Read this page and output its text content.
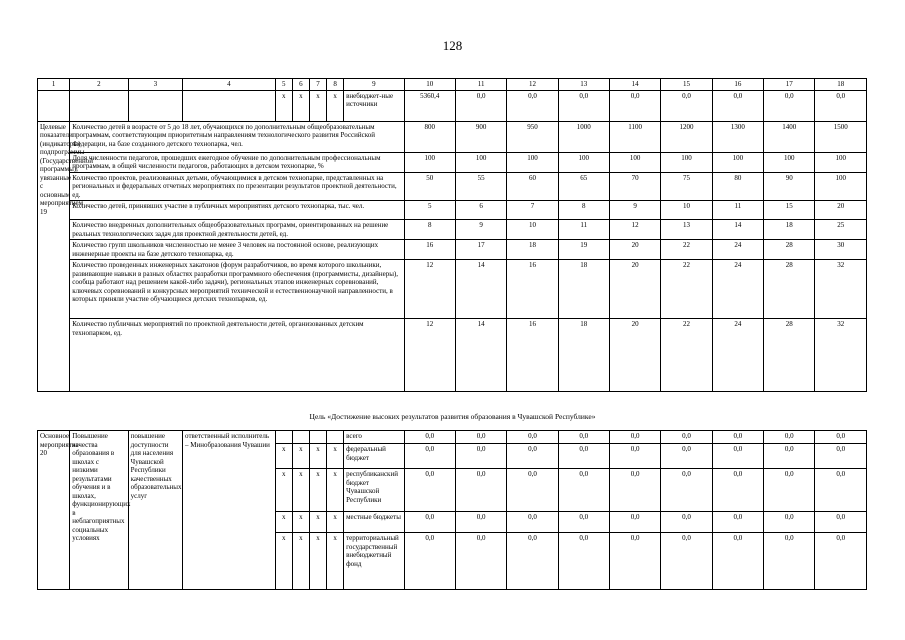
128
1	2	3	4	5	6	7	8	9	10	11	12	13	14	15	16	17	18
				x	x	x	x	внебюджет-ные источники	5360,4	0,0	0,0	0,0	0,0	0,0	0,0	0,0	0,0
Целевые показатели (индикаторы) подпрограммы (Государственной программы), увязанные с основным мероприятием 19	Количество детей в возрасте от 5 до 18 лет, обучающихся по дополнительным общеобразовательным программам, соответствующим приоритетным направлениям технологического развития Российской Федерации, на базе созданного детского технопарка, чел.								800	900	950	1000	1100	1200	1300	1400	1500
	Доля численности педагогов, прошедших ежегодное обучение по дополнительным профессиональным программам, в общей численности педагогов, работающих в детском технопарке, %								100	100	100	100	100	100	100	100	100
	Количество проектов, реализованных детьми, обучающимися в детском технопарке, представленных на региональных и федеральных отчетных мероприятиях по презентации результатов проектной деятельности, ед.								50	55	60	65	70	75	80	90	100
	Количество детей, принявших участие в публичных мероприятиях детского технопарка, тыс. чел.								5	6	7	8	9	10	11	15	20
	Количество внедренных дополнительных общеобразовательных программ, ориентированных на решение реальных технологических задач для проектной деятельности детей, ед.								8	9	10	11	12	13	14	18	25
	Количество групп школьников численностью не менее 3 человек на постоянной основе, реализующих инженерные проекты на базе детского технопарка, ед.								16	17	18	19	20	22	24	28	30
	Количество проведенных инженерных хакатонов (форум разработчиков, во время которого школьники, развивающие навыки в разных областях разработки программного обеспечения (программисты, дизайнеры), сообща работают над решением какой-либо задачи), региональных этапов инженерных соревнований, ключевых соревнований и конкурсных мероприятий технической и естественнонаучной направленности, в которых приняли участие обучающиеся детских технопарков, ед.								12	14	16	18	20	22	24	28	32
	Количество публичных мероприятий по проектной деятельности детей, организованных детским технопарком, ед.								12	14	16	18	20	22	24	28	32
Цель «Достижение высоких результатов развития образования в Чувашской Республике»
Основное мероприятие 20	Повышение качества образования в школах с низкими результатами обучения и в школах, функционирующих в неблагоприятных социальных условиях	повышение доступности для населения Чувашской Республики качественных образовательных услуг	ответственный исполнитель – Минобразования Чувашии					всего	0,0	0,0	0,0	0,0	0,0	0,0	0,0	0,0	0,0
				x	x	x	x	федеральный бюджет	0,0	0,0	0,0	0,0	0,0	0,0	0,0	0,0	0,0
				x	x	x	x	республиканский бюджет Чувашской Республики	0,0	0,0	0,0	0,0	0,0	0,0	0,0	0,0	0,0
				x	x	x	x	местные бюджеты	0,0	0,0	0,0	0,0	0,0	0,0	0,0	0,0	0,0
				x	x	x	x	территориальный государственный внебюджетный фонд	0,0	0,0	0,0	0,0	0,0	0,0	0,0	0,0	0,0
